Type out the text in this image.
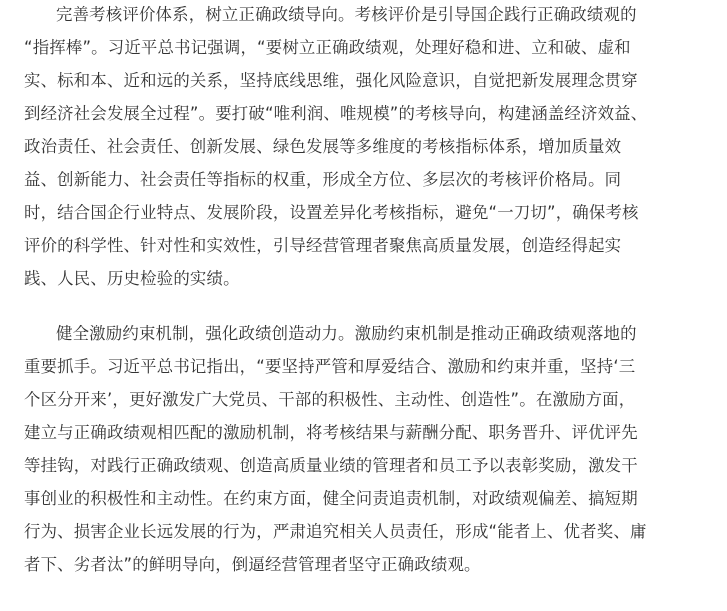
完善考核评价体系，树立正确政绩导向。考核评价是引导国企践行正确政绩观的
“指挥棒”。习近平总书记强调，“要树立正确政绩观，处理好稳和进、立和破、虚和
实、标和本、近和远的关系，坚持底线思维，强化风险意识，自觉把新发展理念贯穿
到经济社会发展全过程”。要打破“唯利润、唯规模”的考核导向，构建涵盖经济效益、
政治责任、社会责任、创新发展、绿色发展等多维度的考核指标体系，增加质量效
益、创新能力、社会责任等指标的权重，形成全方位、多层次的考核评价格局。同
时，结合国企行业特点、发展阶段，设置差异化考核指标，避免“一刀切”，确保考核
评价的科学性、针对性和实效性，引导经营管理者聚焦高质量发展，创造经得起实
践、人民、历史检验的实绩。
健全激励约束机制，强化政绩创造动力。激励约束机制是推动正确政绩观落地的
重要抓手。习近平总书记指出，“要坚持严管和厚爱结合、激励和约束并重，坚持‘三
个区分开来’，更好激发广大党员、干部的积极性、主动性、创造性”。在激励方面，
建立与正确政绩观相匹配的激励机制，将考核结果与薪酬分配、职务晋升、评优评先
等挂钩，对践行正确政绩观、创造高质量业绩的管理者和员工予以表彰奖励，激发干
事创业的积极性和主动性。在约束方面，健全问责追责机制，对政绩观偏差、搞短期
行为、损害企业长远发展的行为，严肃追究相关人员责任，形成“能者上、优者奖、庸
者下、劣者汰”的鲜明导向，倒逼经营管理者坚守正确政绩观。
